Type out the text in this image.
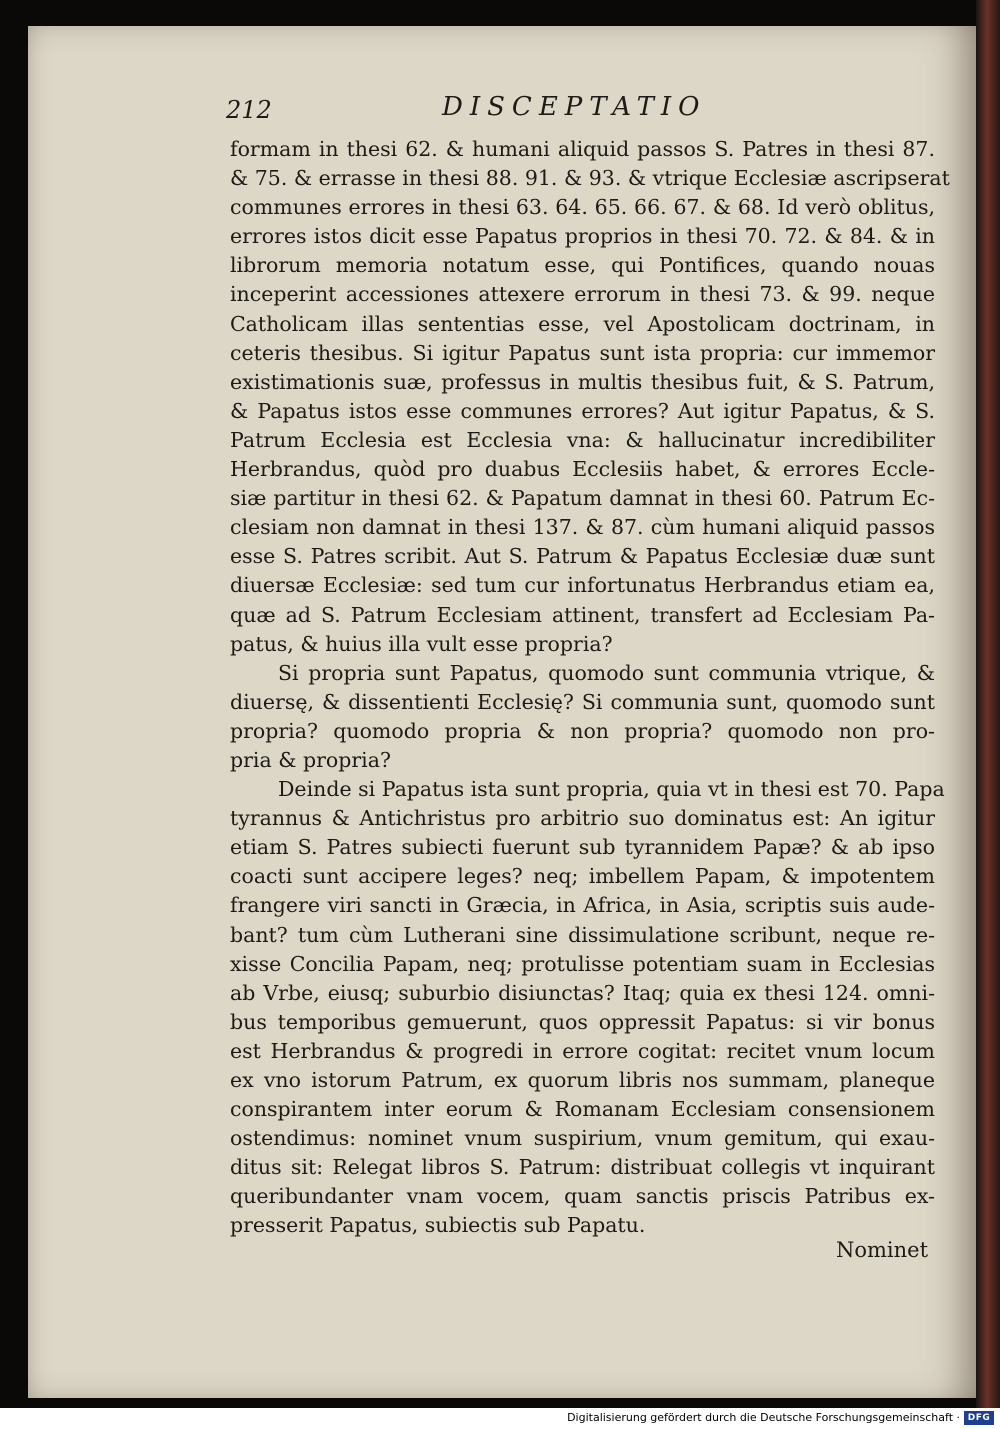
212	DISCEPTATIO
formam in thesi 62. & humani aliquid passos S. Patres in thesi 87.
& 75. & errasse in thesi 88. 91. & 93. & vtrique Ecclesiæ ascripserat
communes errores in thesi 63. 64. 65. 66. 67. & 68. Id verò oblitus,
errores istos dicit esse Papatus proprios in thesi 70. 72. & 84. & in
librorum memoria notatum esse, qui Pontifices, quando nouas
inceperint accessiones attexere errorum in thesi 73. & 99. neque
Catholicam illas sententias esse, vel Apostolicam doctrinam, in
ceteris thesibus. Si igitur Papatus sunt ista propria: cur immemor
existimationis suæ, professus in multis thesibus fuit, & S. Patrum,
& Papatus istos esse communes errores? Aut igitur Papatus, & S.
Patrum Ecclesia est Ecclesia vna: & hallucinatur incredibiliter
Herbrandus, quòd pro duabus Ecclesiis habet, & errores Eccle-
siæ partitur in thesi 62. & Papatum damnat in thesi 60. Patrum Ec-
clesiam non damnat in thesi 137. & 87. cùm humani aliquid passos
esse S. Patres scribit. Aut S. Patrum & Papatus Ecclesiæ duæ sunt
diuersæ Ecclesiæ: sed tum cur infortunatus Herbrandus etiam ea,
quæ ad S. Patrum Ecclesiam attinent, transfert ad Ecclesiam Pa-
patus, & huius illa vult esse propria?
Si propria sunt Papatus, quomodo sunt communia vtrique, &
diuersę, & dissentienti Ecclesię? Si communia sunt, quomodo sunt
propria? quomodo propria & non propria? quomodo non pro-
pria & propria?
Deinde si Papatus ista sunt propria, quia vt in thesi est 70. Papa
tyrannus & Antichristus pro arbitrio suo dominatus est: An igitur
etiam S. Patres subiecti fuerunt sub tyrannidem Papæ? & ab ipso
coacti sunt accipere leges? neq; imbellem Papam, & impotentem
frangere viri sancti in Græcia, in Africa, in Asia, scriptis suis aude-
bant? tum cùm Lutherani sine dissimulatione scribunt, neque re-
xisse Concilia Papam, neq; protulisse potentiam suam in Ecclesias
ab Vrbe, eiusq; suburbio disiunctas? Itaq; quia ex thesi 124. omni-
bus temporibus gemuerunt, quos oppressit Papatus: si vir bonus
est Herbrandus & progredi in errore cogitat: recitet vnum locum
ex vno istorum Patrum, ex quorum libris nos summam, planeque
conspirantem inter eorum & Romanam Ecclesiam consensionem
ostendimus: nominet vnum suspirium, vnum gemitum, qui exau-
ditus sit: Relegat libros S. Patrum: distribuat collegis vt inquirant
queribundanter vnam vocem, quam sanctis priscis Patribus ex-
presserit Papatus, subiectis sub Papatu.
Nominet
Digitalisierung gefördert durch die Deutsche Forschungsgemeinschaft · DFG
